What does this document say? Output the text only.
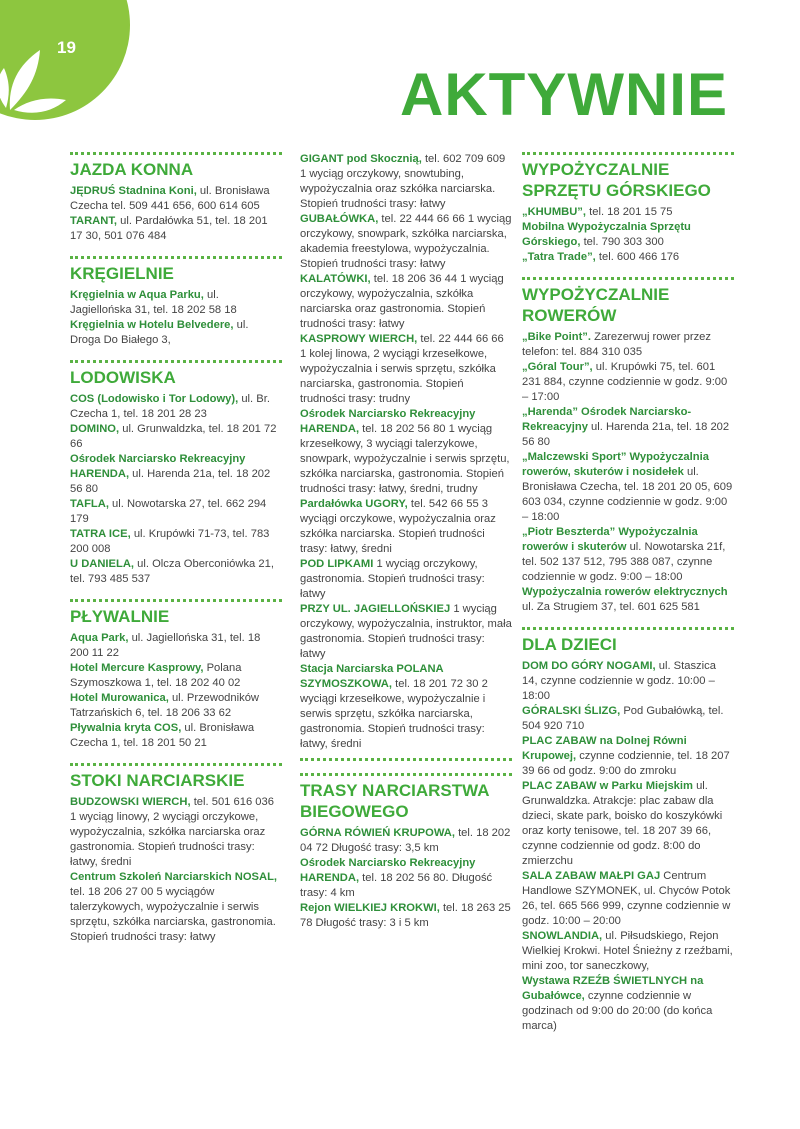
19
AKTYWNIE
JAZDA KONNA
JĘDRUŚ Stadnina Koni, ul. Bronisława Czecha tel. 509 441 656, 600 614 605
TARANT, ul. Pardałówka 51, tel. 18 201 17 30, 501 076 484
KRĘGIELNIE
Kręgielnia w Aqua Parku, ul. Jagiellońska 31, tel. 18 202 58 18
Kręgielnia w Hotelu Belvedere, ul. Droga Do Białego 3,
LODOWISKA
COS (Lodowisko i Tor Lodowy), ul. Br. Czecha 1, tel. 18 201 28 23
DOMINO, ul. Grunwaldzka, tel. 18 201 72 66
Ośrodek Narciarsko Rekreacyjny HARENDA, ul. Harenda 21a, tel. 18 202 56 80
TAFLA, ul. Nowotarska 27, tel. 662 294 179
TATRA ICE, ul. Krupówki 71-73, tel. 783 200 008
U DANIELA, ul. Olcza Oberconiówka 21, tel. 793 485 537
PŁYWALNIE
Aqua Park, ul. Jagiellońska 31, tel. 18 200 11 22
Hotel Mercure Kasprowy, Polana Szymoszkowa 1, tel. 18 202 40 02
Hotel Murowanica, ul. Przewodników Tatrzańskich 6, tel. 18 206 33 62
Pływalnia kryta COS, ul. Bronisława Czecha 1, tel. 18 201 50 21
STOKI NARCIARSKIE
BUDZOWSKI WIERCH, tel. 501 616 036 1 wyciąg linowy, 2 wyciągi orczykowe, wypożyczalnia, szkółka narciarska oraz gastronomia. Stopień trudności trasy: łatwy, średni
Centrum Szkoleń Narciarskich NOSAL, tel. 18 206 27 00 5 wyciągów talerzykowych, wypożyczalnie i serwis sprzętu, szkółka narciarska, gastronomia. Stopień trudności trasy: łatwy
GIGANT pod Skocznią, tel. 602 709 609 1 wyciąg orczykowy, snowtubing, wypożyczalnia oraz szkółka narciarska. Stopień trudności trasy: łatwy
GUBAŁÓWKA, tel. 22 444 66 66 1 wyciąg orczykowy, snowpark, szkółka narciarska, akademia freestylowa, wypożyczalnia. Stopień trudności trasy: łatwy
KALATÓWKI, tel. 18 206 36 44 1 wyciąg orczykowy, wypożyczalnia, szkółka narciarska oraz gastronomia. Stopień trudności trasy: łatwy
KASPROWY WIERCH, tel. 22 444 66 66 1 kolej linowa, 2 wyciągi krzesełkowe, wypożyczalnia i serwis sprzętu, szkółka narciarska, gastronomia. Stopień trudności trasy: trudny
Ośrodek Narciarsko Rekreacyjny HARENDA, tel. 18 202 56 80 1 wyciąg krzesełkowy, 3 wyciągi talerzykowe, snowpark, wypożyczalnie i serwis sprzętu, szkółka narciarska, gastronomia. Stopień trudności trasy: łatwy, średni, trudny
Pardałówka UGORY, tel. 542 66 55 3 wyciągi orczykowe, wypożyczalnia oraz szkółka narciarska. Stopień trudności trasy: łatwy, średni
POD LIPKAMI 1 wyciąg orczykowy, gastronomia. Stopień trudności trasy: łatwy
PRZY UL. JAGIELLOŃSKIEJ 1 wyciąg orczykowy, wypożyczalnia, instruktor, mała gastronomia. Stopień trudności trasy: łatwy
Stacja Narciarska POLANA SZYMOSZKOWA, tel. 18 201 72 30 2 wyciągi krzesełkowe, wypożyczalnie i serwis sprzętu, szkółka narciarska, gastronomia. Stopień trudności trasy: łatwy, średni
TRASY NARCIARSTWA BIEGOWEGO
GÓRNA RÓWIEŃ KRUPOWA, tel. 18 202 04 72 Długość trasy: 3,5 km
Ośrodek Narciarsko Rekreacyjny HARENDA, tel. 18 202 56 80. Długość trasy: 4 km
Rejon WIELKIEJ KROKWI, tel. 18 263 25 78 Długość trasy: 3 i 5 km
WYPOŻYCZALNIE SPRZĘTU GÓRSKIEGO
„KHUMBU”, tel. 18 201 15 75
Mobilna Wypożyczalnia Sprzętu Górskiego, tel. 790 303 300
„Tatra Trade”, tel. 600 466 176
WYPOŻYCZALNIE ROWERÓW
„Bike Point”. Zarezerwuj rower przez telefon: tel. 884 310 035
„Góral Tour”, ul. Krupówki 75, tel. 601 231 884, czynne codziennie w godz. 9:00 – 17:00
„Harenda” Ośrodek Narciarsko-Rekreacyjny ul. Harenda 21a, tel. 18 202 56 80
„Malczewski Sport” Wypożyczalnia rowerów, skuterów i nosidełek ul. Bronisława Czecha, tel. 18 201 20 05, 609 603 034, czynne codziennie w godz. 9:00 – 18:00
„Piotr Beszterda” Wypożyczalnia rowerów i skuterów ul. Nowotarska 21f, tel. 502 137 512, 795 388 087, czynne codziennie w godz. 9:00 – 18:00
Wypożyczalnia rowerów elektrycznych ul. Za Strugiem 37, tel. 601 625 581
DLA DZIECI
DOM DO GÓRY NOGAMI, ul. Staszica 14, czynne codziennie w godz. 10:00 – 18:00
GÓRALSKI ŚLIZG, Pod Gubałówką, tel. 504 920 710
PLAC ZABAW na Dolnej Równi Krupowej, czynne codziennie, tel. 18 207 39 66 od godz. 9:00 do zmroku
PLAC ZABAW w Parku Miejskim ul. Grunwaldzka. Atrakcje: plac zabaw dla dzieci, skate park, boisko do koszykówki oraz korty tenisowe, tel. 18 207 39 66, czynne codziennie od godz. 8:00 do zmierzchu
SALA ZABAW MAŁPI GAJ Centrum Handlowe SZYMONEK, ul. Chyców Potok 26, tel. 665 566 999, czynne codziennie w godz. 10:00 – 20:00
SNOWLANDIA, ul. Piłsudskiego, Rejon Wielkiej Krokwi. Hotel Śnieżny z rzeźbami, mini zoo, tor saneczkowy,
Wystawa RZEŹB ŚWIETLNYCH na Gubałówce, czynne codziennie w godzinach od 9:00 do 20:00 (do końca marca)
